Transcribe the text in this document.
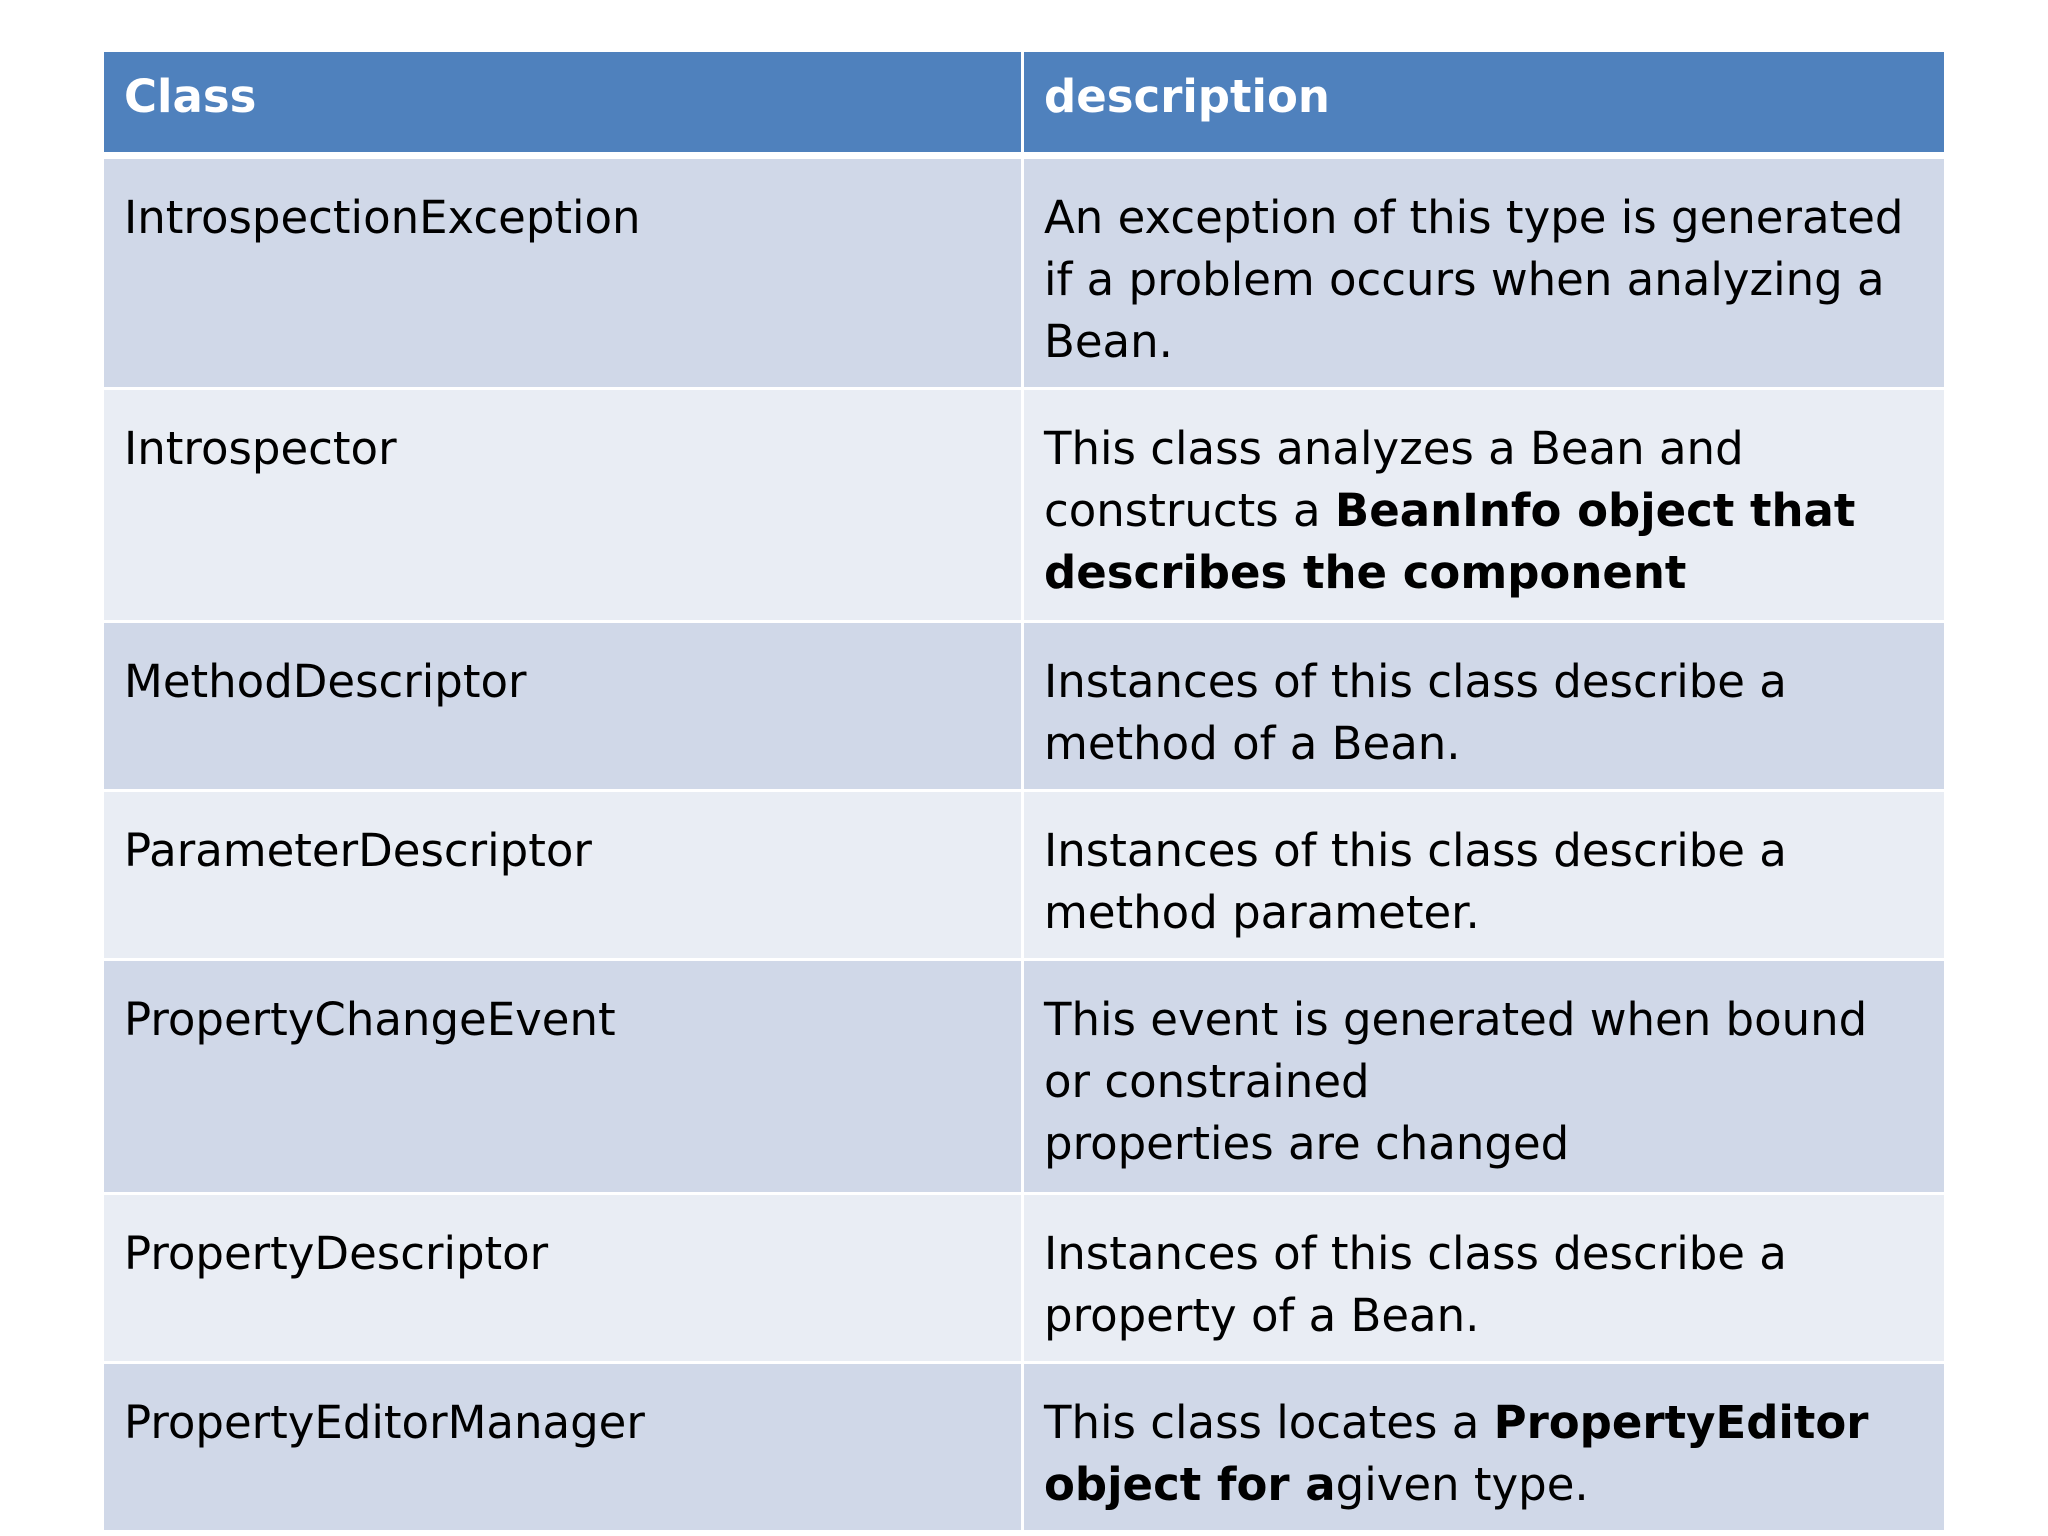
Class	description
IntrospectionException	An exception of this type is generated if a problem occurs when analyzing a Bean.
Introspector	This class analyzes a Bean and constructs a BeanInfo object that describes the component
MethodDescriptor	Instances of this class describe a method of a Bean.
ParameterDescriptor	Instances of this class describe a method parameter.
PropertyChangeEvent	This event is generated when bound or constrained
properties are changed
PropertyDescriptor	Instances of this class describe a property of a Bean.
PropertyEditorManager	This class locates a PropertyEditor object for agiven type.
